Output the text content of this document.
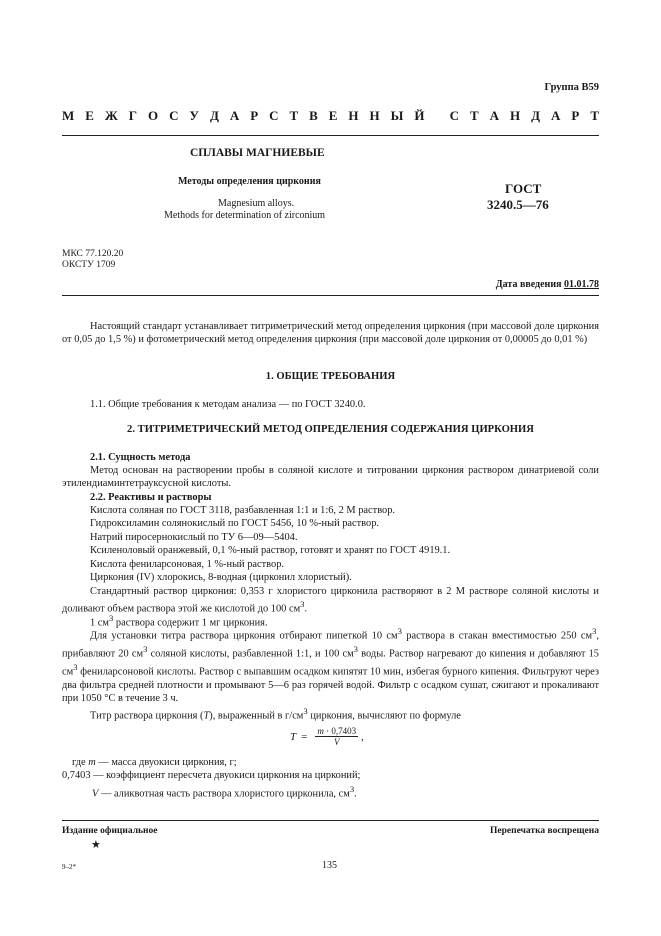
Группа В59
М Е Ж Г О С У Д А Р С Т В Е Н Н Ы Й
С Т А Н Д А Р Т
СПЛАВЫ МАГНИЕВЫЕ
Методы определения циркония
Magnesium alloys.
Methods for determination of zirconium
ГОСТ
3240.5—76
МКС 77.120.20
ОКСТУ 1709
Дата введения 01.01.78
Настоящий стандарт устанавливает титриметрический метод определения циркония (при массовой доле циркония от 0,05 до 1,5 %) и фотометрический метод определения циркония (при массовой доле циркония от 0,00005 до 0,01 %)
1. ОБЩИЕ ТРЕБОВАНИЯ
1.1. Общие требования к методам анализа — по ГОСТ 3240.0.
2. ТИТРИМЕТРИЧЕСКИЙ МЕТОД ОПРЕДЕЛЕНИЯ СОДЕРЖАНИЯ ЦИРКОНИЯ
2.1. Сущность метода
Метод основан на растворении пробы в соляной кислоте и титровании циркония раствором динатриевой соли этилендиаминтетрауксусной кислоты.
2.2. Реактивы и растворы
Кислота соляная по ГОСТ 3118, разбавленная 1:1 и 1:6, 2 М раствор.
Гидроксиламин солянокислый по ГОСТ 5456, 10 %-ный раствор.
Натрий пиросернокислый по ТУ 6—09—5404.
Ксиленоловый оранжевый, 0,1 %-ный раствор, готовят и хранят по ГОСТ 4919.1.
Кислота фениларсоновая, 1 %-ный раствор.
Циркония (IV) хлорокись, 8-водная (цирконил хлористый).
Стандартный раствор циркония: 0,353 г хлористого цирконила растворяют в 2 М растворе соляной кислоты и доливают объем раствора этой же кислотой до 100 $см^3$.
1 $см^3$ раствора содержит 1 мг циркония.
Для установки титра раствора циркония отбирают пипеткой 10 $см^3$ раствора в стакан вместимостью 250 $см^3$, прибавляют 20 $см^3$ соляной кислоты, разбавленной 1:1, и 100 $см^3$ воды. Раствор нагревают до кипения и добавляют 15 $см^3$ фениларсоновой кислоты. Раствор с выпавшим осадком кипятят 10 мин, избегая бурного кипения. Фильтруют через два фильтра средней плотности и промывают 5—6 раз горячей водой. Фильтр с осадком сушат, сжигают и прокаливают при 1050 °С в течение 3 ч.
Титр раствора циркония (T), выраженный в $г/см^3$ циркония, вычисляют по формуле
$T = \frac{m \cdot 0,7403}{V}$ ,
где m — масса двуокиси циркония, г;
0,7403 — коэффициент пересчета двуокиси циркония на цирконий;
V — аликвотная часть раствора хлористого цирконила, $см^3$.
Издание официальное
★
Перепечатка воспрещена
9–2*	135
